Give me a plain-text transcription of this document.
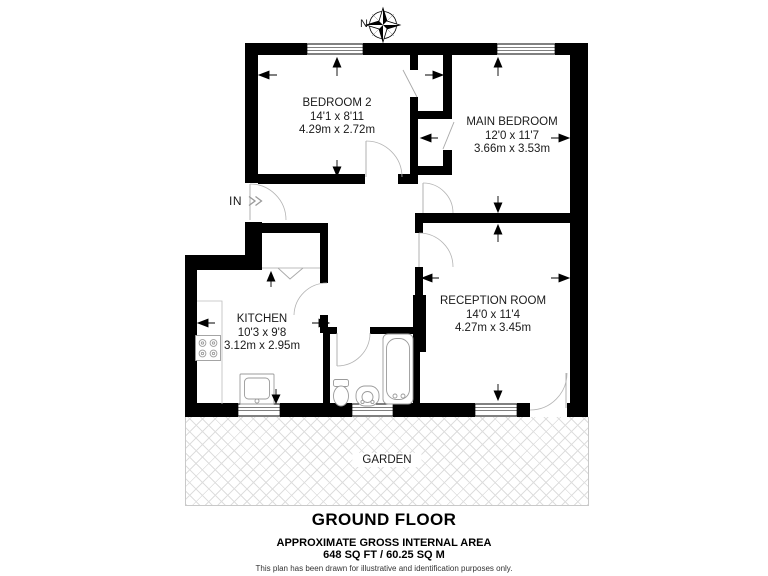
GARDEN
N
IN
BEDROOM 2
14'1 x 8'11
4.29m x 2.72m
MAIN BEDROOM
12'0 x 11'7
3.66m x 3.53m
RECEPTION ROOM
14'0 x 11'4
4.27m x 3.45m
KITCHEN
10'3 x 9'8
3.12m x 2.95m
GROUND FLOOR
APPROXIMATE GROSS INTERNAL AREA
648 SQ FT / 60.25 SQ M
This plan has been drawn for illustrative and identification purposes only.
